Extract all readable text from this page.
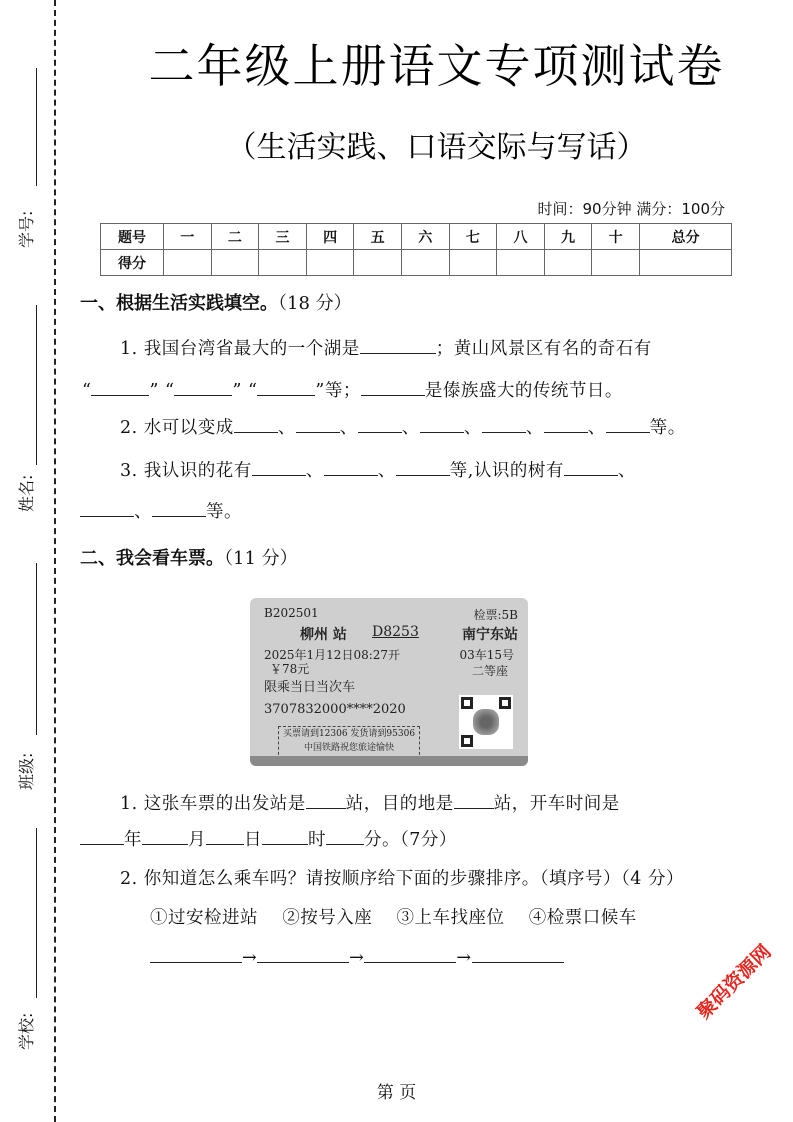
学号:
姓名:
班级:
学校:
二年级上册语文专项测试卷
（生活实践、口语交际与写话）
时间：90分钟 满分：100分
题号	一	二	三	四	五	六	七	八	九	十	总分
得分											
一、根据生活实践填空。（18 分）
1. 我国台湾省最大的一个湖是	；黄山风景区有名的奇石有
“	” “	” “	”等；	是傣族盛大的传统节日。
2. 水可以变成	、	、	、	、	、	、	等。
3. 我认识的花有	、	、	等,认识的树有	、
、	等。
二、我会看车票。（11 分）
B202501	检票:5B
柳州 站 D8253	南宁东站
2025年1月12日08:27开	03车15号
￥78元	二等座
限乘当日当次车
3707832000****2020
买票请到12306 发货请到95306
中国铁路祝您旅途愉快
1. 这张车票的出发站是 站，目的地是 站，开车时间是
年	月 日	时 分。（7分）
2. 你知道怎么乘车吗？请按顺序给下面的步骤排序。（填序号）（4 分）
①过安检进站 ②按号入座 ③上车找座位 ④检票口候车
→	→	→	聚码资源网
第 页
